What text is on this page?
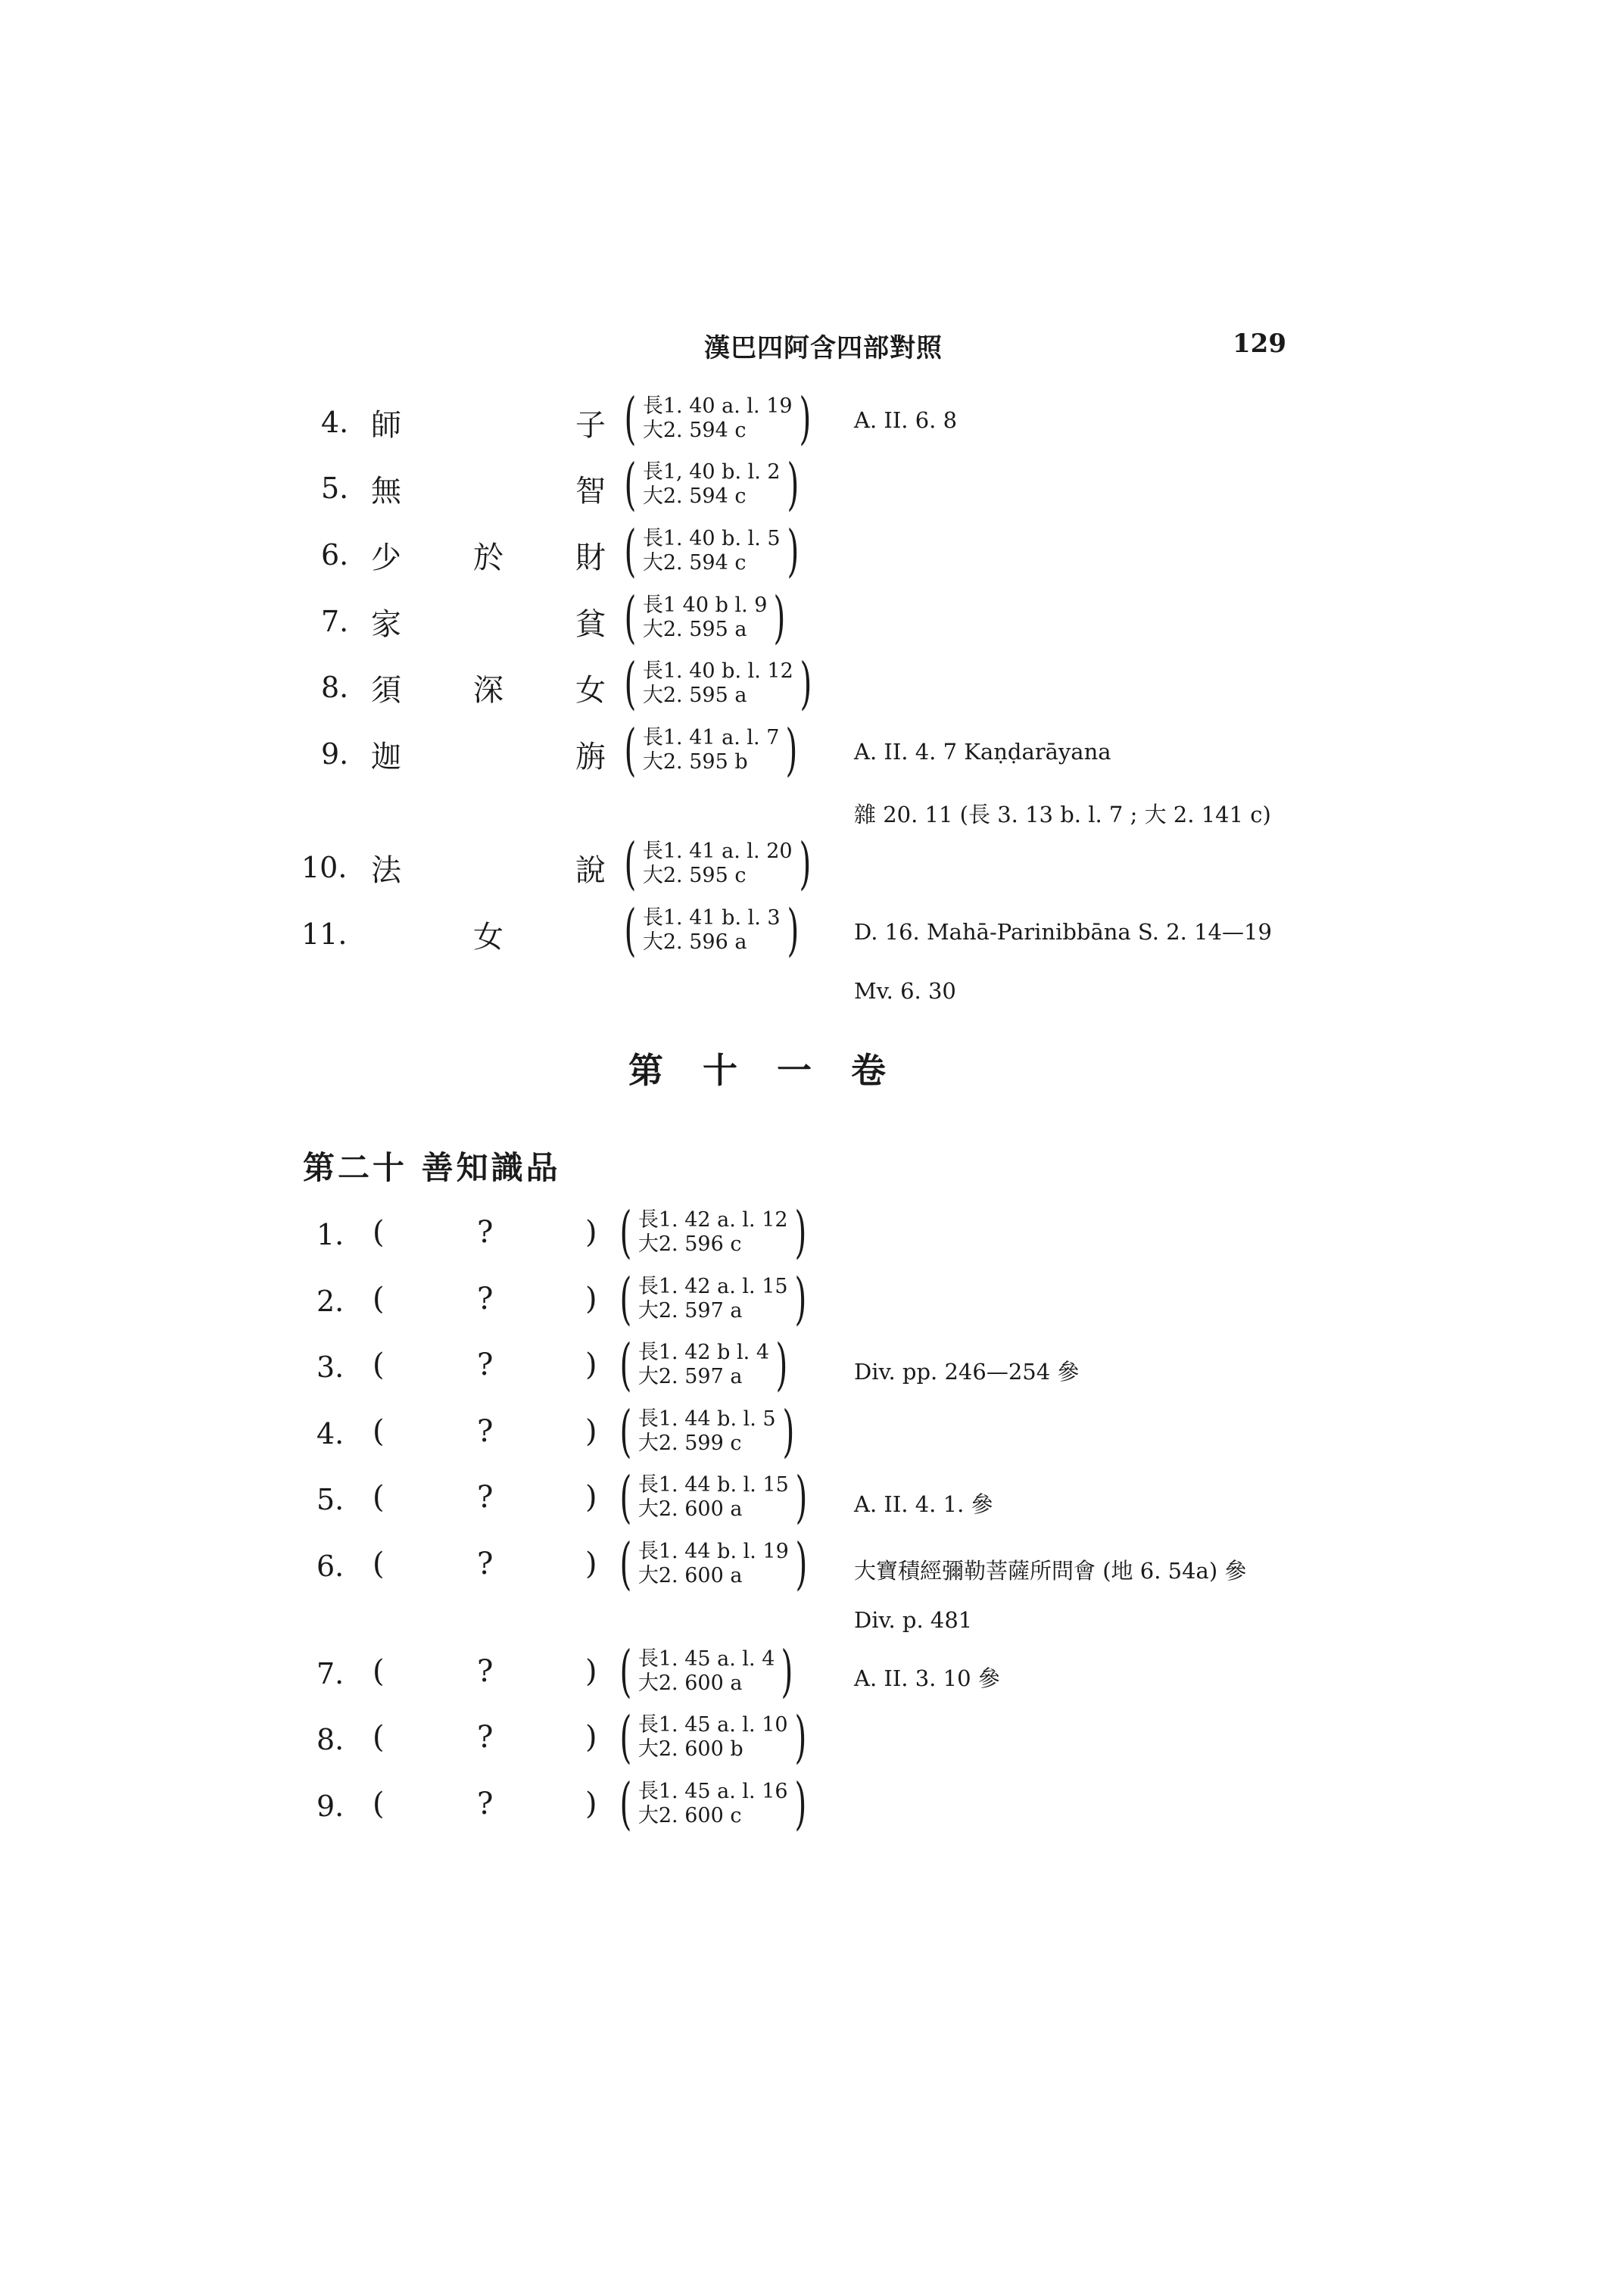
漢巴四阿含四部對照	129
4. 師	子 ( 長1. 40 a. l. 19
大2. 594 c ) A. II. 6. 8
5. 無	智 ( 長1, 40 b. l. 2
大2. 594 c )
6. 少 於 財 ( 長1. 40 b. l. 5
大2. 594 c )
7. 家	貧 ( 長1 40 b l. 9
大2. 595 a )
8. 須 深 女 ( 長1. 40 b. l. 12
大2. 595 a )
9. 迦	旃 ( 長1. 41 a. l. 7
大2. 595 b )	A. II. 4. 7 Kaṇḍarāyana
雜 20. 11 (長 3. 13 b. l. 7 ; 大 2. 141 c)
10. 法	說 ( 長1. 41 a. l. 20
大2. 595 c )
11.	女 ( 長1. 41 b. l. 3
大2. 596 a )	D. 16. Mahā-Parinibbāna S. 2. 14—19
Mv. 6. 30
第 十 一 卷
第二十 善知識品
1. (	?	) ( 長1. 42 a. l. 12
大2. 596 c )
2. (	?	) ( 長1. 42 a. l. 15
大2. 597 a )
3. (	?	) ( 長1. 42 b l. 4
大2. 597 a )	Div. pp. 246—254 參
4. (	?	) ( 長1. 44 b. l. 5
大2. 599 c )
5. (	?	) ( 長1. 44 b. l. 15
大2. 600 a ) A. II. 4. 1. 參
6. (	?	) ( 長1. 44 b. l. 19
大2. 600 a ) 大寶積經彌勒菩薩所問會 (地 6. 54a) 參
Div. p. 481
7. (	?	) ( 長1. 45 a. l. 4
大2. 600 a )	A. II. 3. 10 參
8. (	?	) ( 長1. 45 a. l. 10
大2. 600 b )
9. (	?	) ( 長1. 45 a. l. 16
大2. 600 c )
